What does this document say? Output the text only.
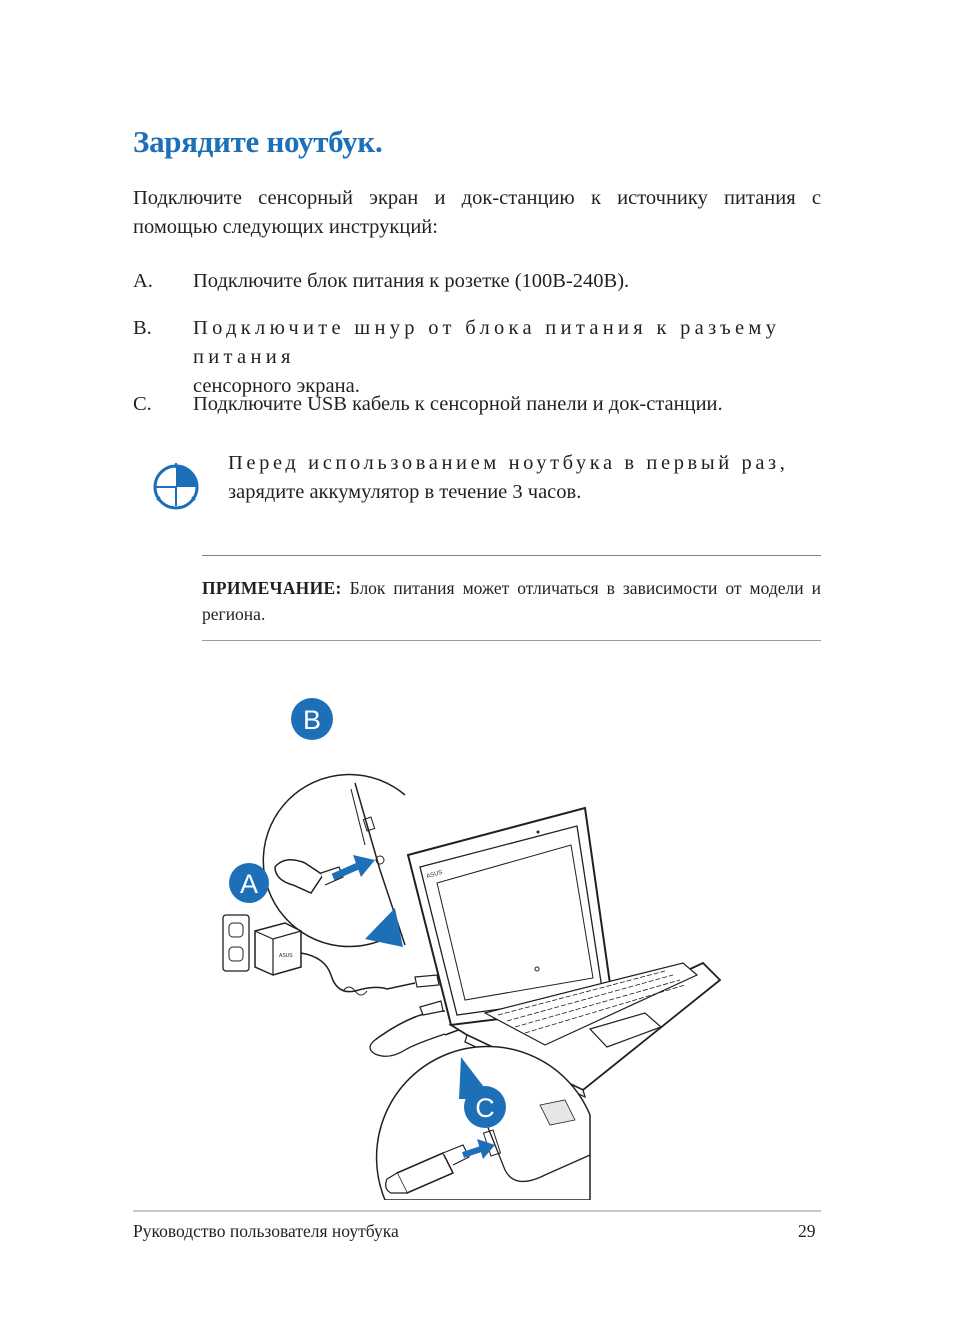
Зарядите ноутбук.

Подключите сенсорный экран и док-станцию к источнику питания с помощью следующих инструкций:

A. Подключите блок питания к розетке (100В-240В).
B. Подключите шнур от блока питания к разъему питания
сенсорного экрана.
C. Подключите USB кабель к сенсорной панели и док-станции.
Перед использованием ноутбука в первый раз,
зарядите аккумулятор в течение 3 часов.
ПРИМЕЧАНИЕ: Блок питания может отличаться в зависимости от модели и региона.
B
A
ASUS
ASUS
C
Руководство пользователя ноутбука	29
